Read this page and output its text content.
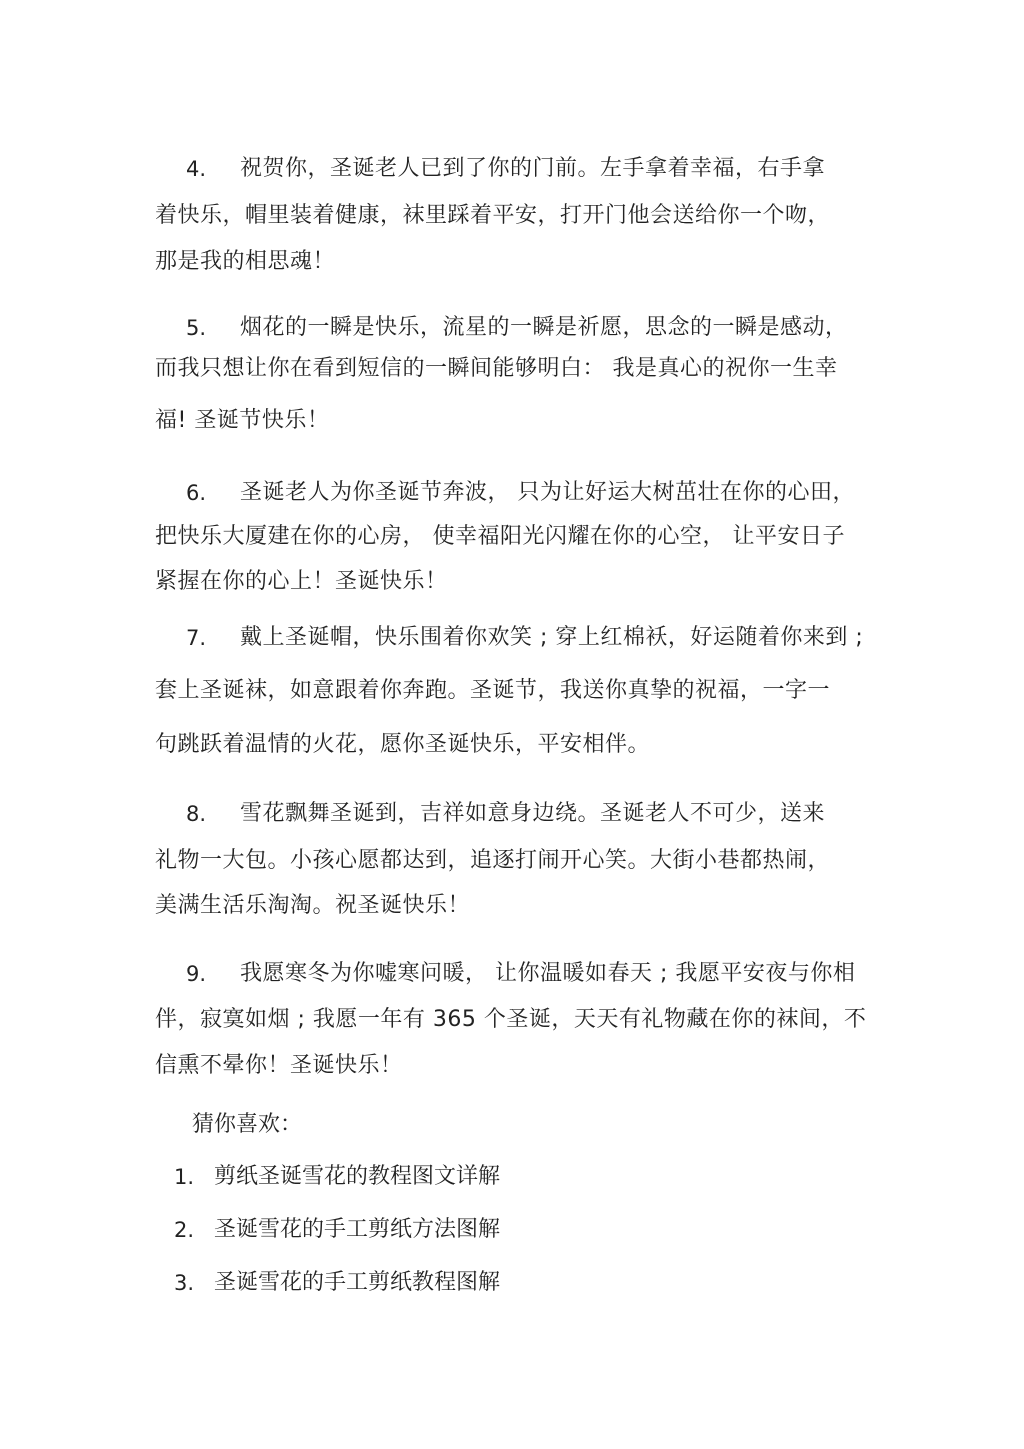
4. 祝贺你，圣诞老人已到了你的门前。左手拿着幸福，右手拿
着快乐，帽里装着健康，袜里踩着平安，打开门他会送给你一个吻，
那是我的相思魂！
5. 烟花的一瞬是快乐，流星的一瞬是祈愿，思念的一瞬是感动，
而我只想让你在看到短信的一瞬间能够明白： 我是真心的祝你一生幸
福! 圣诞节快乐！
6. 圣诞老人为你圣诞节奔波， 只为让好运大树茁壮在你的心田，
把快乐大厦建在你的心房， 使幸福阳光闪耀在你的心空， 让平安日子
紧握在你的心上！圣诞快乐！
7. 戴上圣诞帽，快乐围着你欢笑 ; 穿上红棉袄，好运随着你来到 ;
套上圣诞袜，如意跟着你奔跑。圣诞节，我送你真挚的祝福，一字一
句跳跃着温情的火花，愿你圣诞快乐，平安相伴。
8. 雪花飘舞圣诞到，吉祥如意身边绕。圣诞老人不可少，送来
礼物一大包。小孩心愿都达到，追逐打闹开心笑。大街小巷都热闹，
美满生活乐淘淘。祝圣诞快乐！
9. 我愿寒冬为你嘘寒问暖， 让你温暖如春天 ; 我愿平安夜与你相
伴，寂寞如烟 ; 我愿一年有 365 个圣诞，天天有礼物藏在你的袜间，不
信熏不晕你！圣诞快乐！
猜你喜欢：
1. 剪纸圣诞雪花的教程图文详解
2. 圣诞雪花的手工剪纸方法图解
3. 圣诞雪花的手工剪纸教程图解
